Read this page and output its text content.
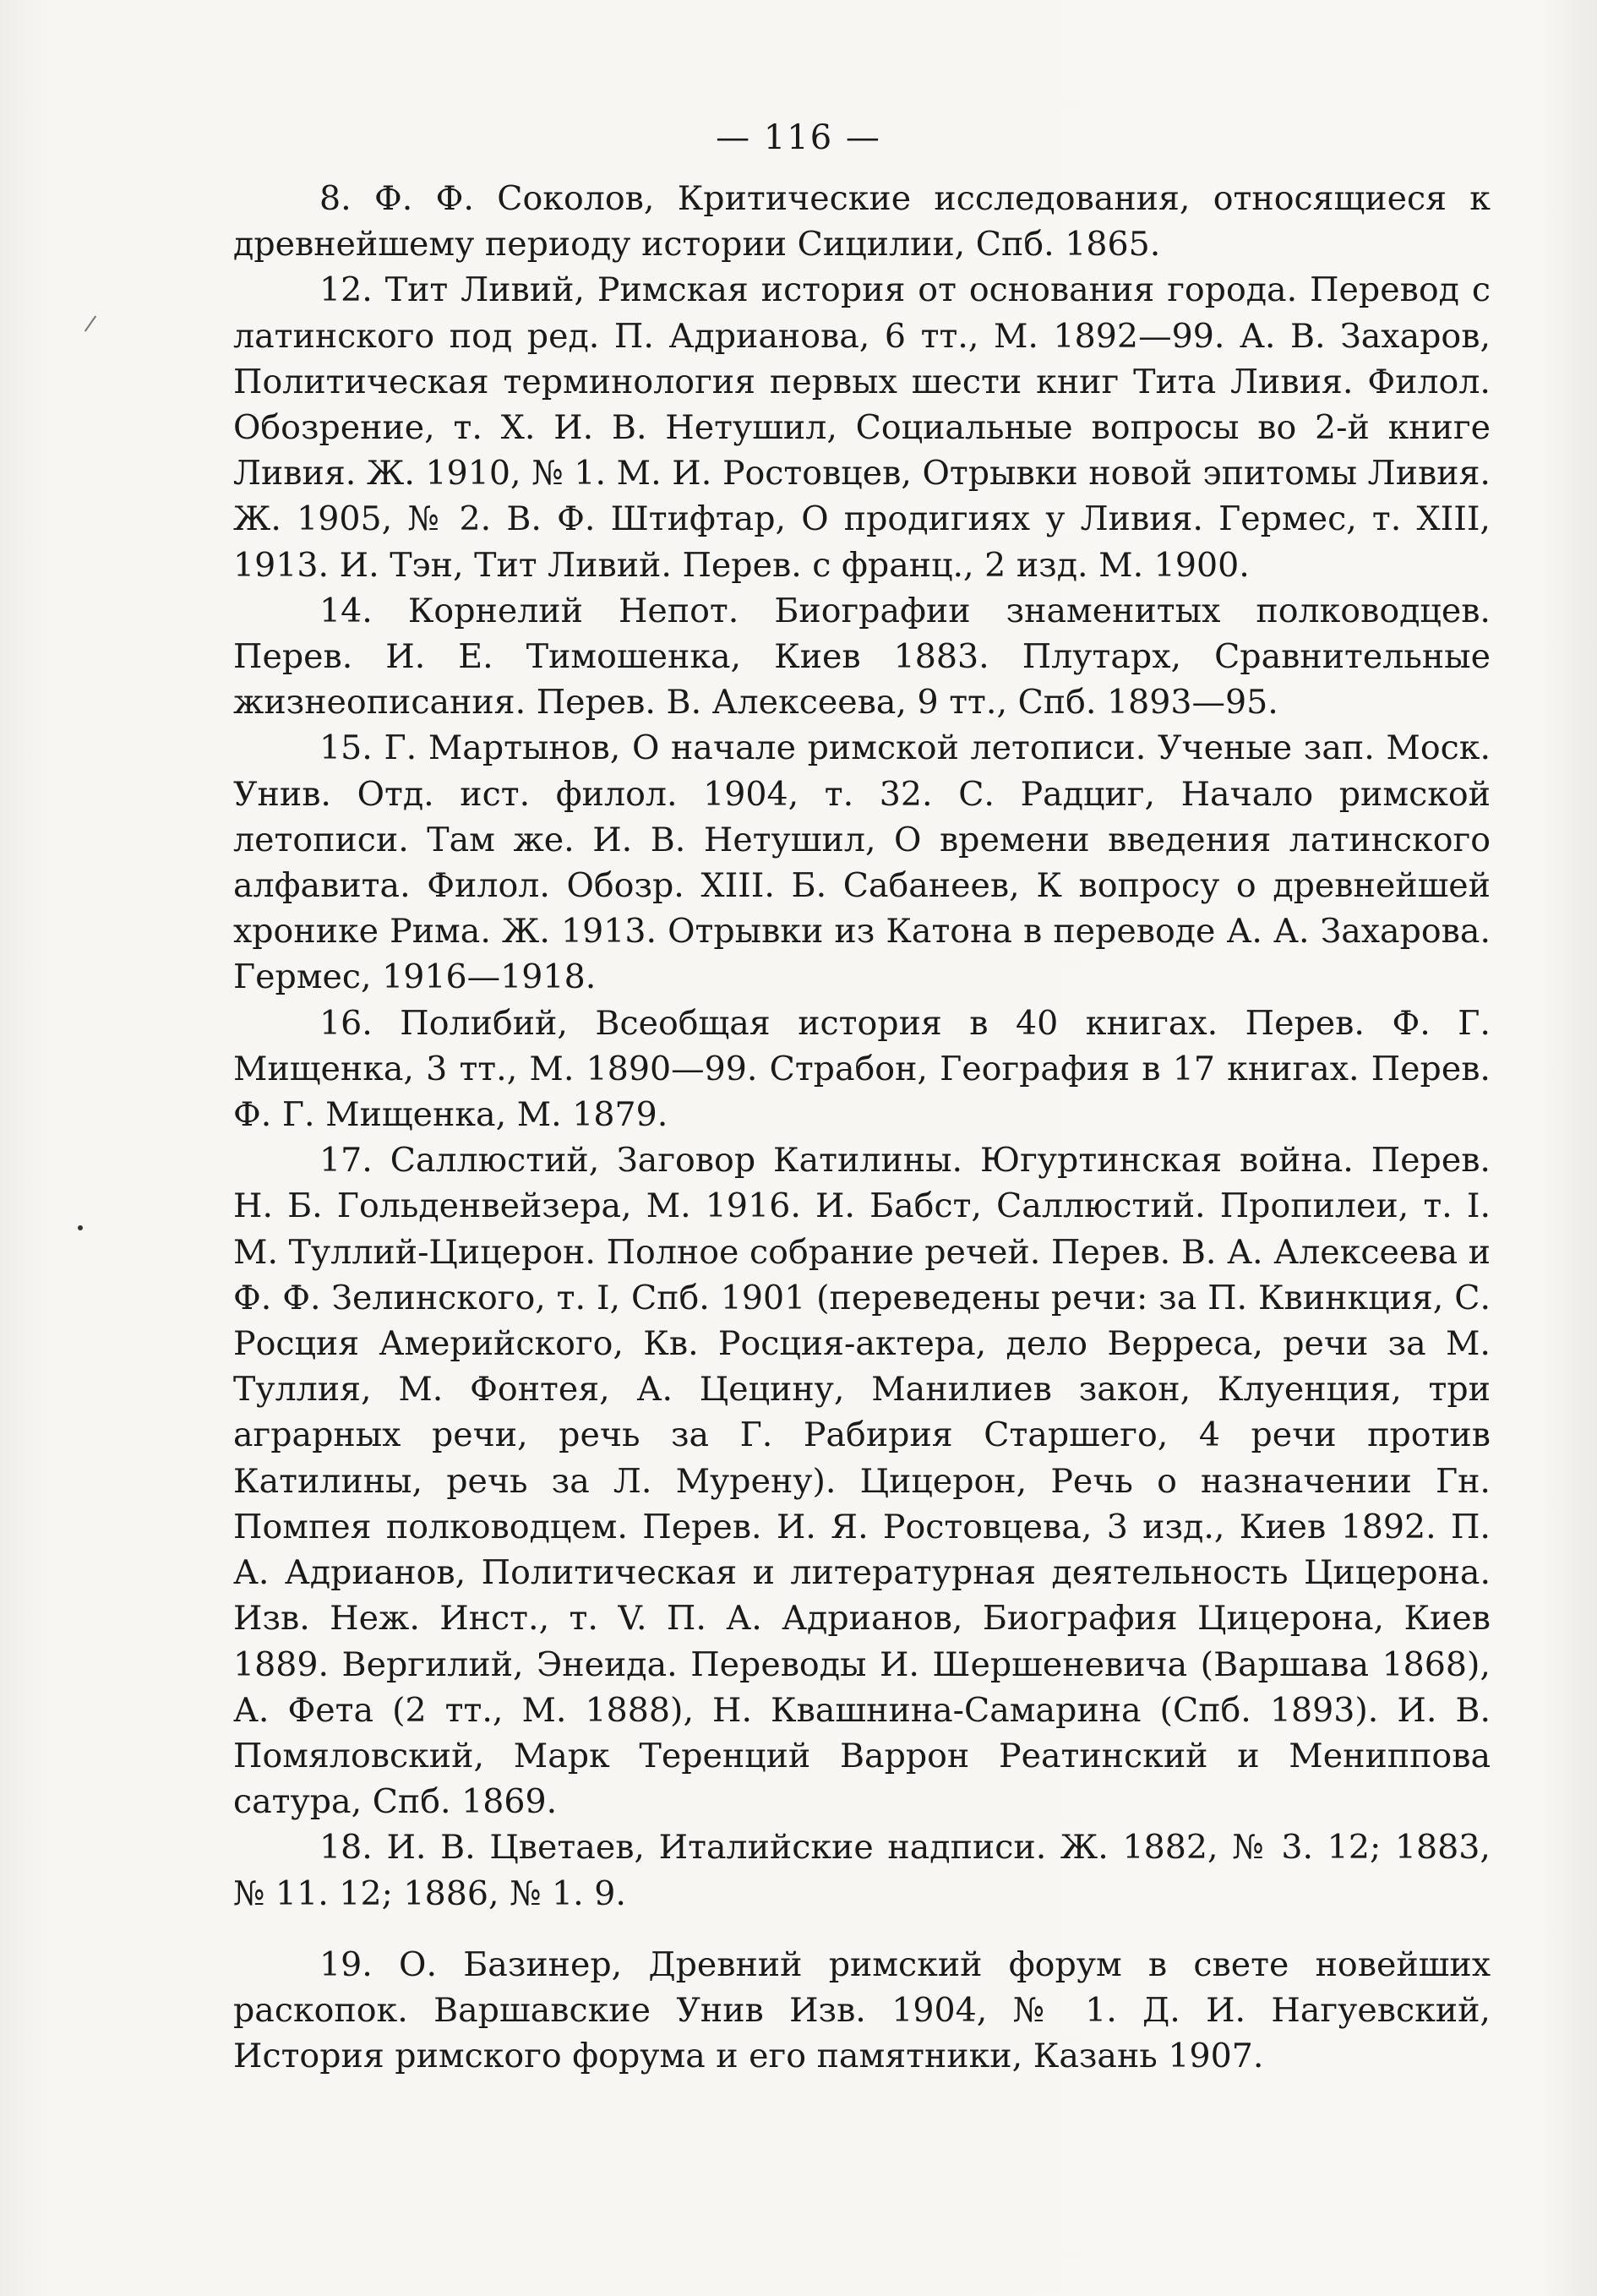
— 116 —

8. Ф. Ф. Соколов, Критические исследования, относящиеся к древнейшему периоду истории Сицилии, Спб. 1865.

12. Тит Ливий, Римская история от основания города. Перевод с латинского под ред. П. Адрианова, 6 тт., М. 1892—99. А. В. Захаров, Политическая терминология первых шести книг Тита Ливия. Филол. Обозрение, т. Х. И. В. Нетушил, Социальные вопросы во 2-й книге Ливия. Ж. 1910, № 1. М. И. Ростовцев, Отрывки новой эпитомы Ливия. Ж. 1905, № 2. В. Ф. Штифтар, О продигиях у Ливия. Гермес, т. XIII, 1913. И. Тэн, Тит Ливий. Перев. с франц., 2 изд. М. 1900.

14. Корнелий Непот. Биографии знаменитых полководцев. Перев. И. Е. Тимошенка, Киев 1883. Плутарх, Сравнительные жизнеописания. Перев. В. Алексеева, 9 тт., Спб. 1893—95.

15. Г. Мартынов, О начале римской летописи. Ученые зап. Моск. Унив. Отд. ист. филол. 1904, т. 32. С. Радциг, Начало римской летописи. Там же. И. В. Нетушил, О времени введения латинского алфавита. Филол. Обозр. XIII. Б. Сабанеев, К вопросу о древнейшей хронике Рима. Ж. 1913. Отрывки из Катона в переводе А. А. Захарова. Гермес, 1916—1918.

16. Полибий, Всеобщая история в 40 книгах. Перев. Ф. Г. Мищенка, 3 тт., М. 1890—99. Страбон, География в 17 книгах. Перев. Ф. Г. Мищенка, М. 1879.

17. Саллюстий, Заговор Катилины. Югуртинская война. Перев. Н. Б. Гольденвейзера, М. 1916. И. Бабст, Саллюстий. Пропилеи, т. I. М. Туллий-Цицерон. Полное собрание речей. Перев. В. А. Алексеева и Ф. Ф. Зелинского, т. I, Спб. 1901 (переведены речи: за П. Квинкция, С. Росция Америйского, Кв. Росция-актера, дело Верреса, речи за М. Туллия, М. Фонтея, А. Цецину, Манилиев закон, Клуенция, три аграрных речи, речь за Г. Рабирия Старшего, 4 речи против Катилины, речь за Л. Мурену). Цицерон, Речь о назначении Гн. Помпея полководцем. Перев. И. Я. Ростовцева, 3 изд., Киев 1892. П. А. Адрианов, Политическая и литературная деятельность Цицерона. Изв. Неж. Инст., т. V. П. А. Адрианов, Биография Цицерона, Киев 1889. Вергилий, Энеида. Переводы И. Шершеневича (Варшава 1868), А. Фета (2 тт., М. 1888), Н. Квашнина-Самарина (Спб. 1893). И. В. Помяловский, Марк Теренций Варрон Реатинский и Мениппова сатура, Спб. 1869.

18. И. В. Цветаев, Италийские надписи. Ж. 1882, № 3. 12; 1883, № 11. 12; 1886, № 1. 9.

19. О. Базинер, Древний римский форум в свете новейших раскопок. Варшавские Унив Изв. 1904, № 1. Д. И. Нагуевский, История римского форума и его памятники, Казань 1907.
